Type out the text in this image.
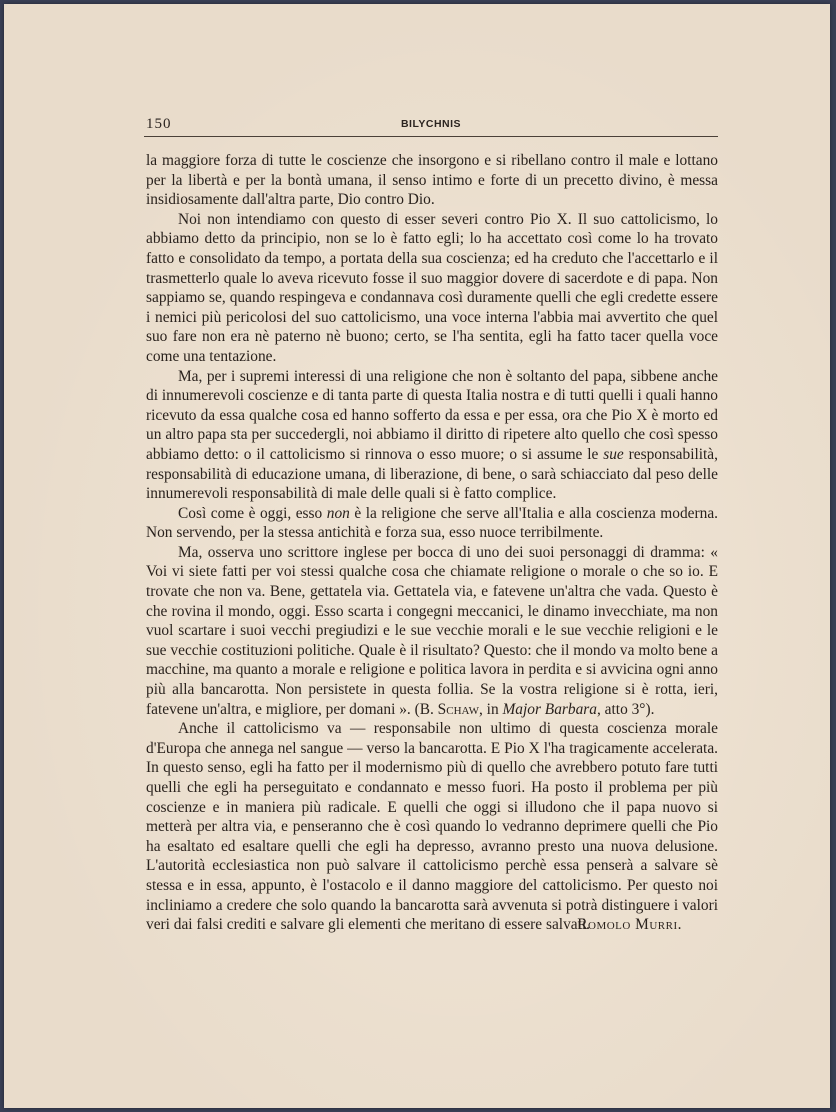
150	BILYCHNIS

la maggiore forza di tutte le coscienze che insorgono e si ribellano contro il male e lottano per la libertà e per la bontà umana, il senso intimo e forte di un precetto divino, è messa insidiosamente dall'altra parte, Dio contro Dio.

Noi non intendiamo con questo di esser severi contro Pio X. Il suo cattolicismo, lo abbiamo detto da principio, non se lo è fatto egli; lo ha accettato così come lo ha trovato fatto e consolidato da tempo, a portata della sua coscienza; ed ha creduto che l'accettarlo e il trasmetterlo quale lo aveva ricevuto fosse il suo maggior dovere di sacerdote e di papa. Non sappiamo se, quando respingeva e condannava così duramente quelli che egli credette essere i nemici più pericolosi del suo cattolicismo, una voce interna l'abbia mai avvertito che quel suo fare non era nè paterno nè buono; certo, se l'ha sentita, egli ha fatto tacer quella voce come una tentazione.

Ma, per i supremi interessi di una religione che non è soltanto del papa, sibbene anche di innumerevoli coscienze e di tanta parte di questa Italia nostra e di tutti quelli i quali hanno ricevuto da essa qualche cosa ed hanno sofferto da essa e per essa, ora che Pio X è morto ed un altro papa sta per succedergli, noi abbiamo il diritto di ripetere alto quello che così spesso abbiamo detto: o il cattolicismo si rinnova o esso muore; o si assume le sue responsabilità, responsabilità di educazione umana, di liberazione, di bene, o sarà schiacciato dal peso delle innumerevoli responsabilità di male delle quali si è fatto complice.

Così come è oggi, esso non è la religione che serve all'Italia e alla coscienza moderna. Non servendo, per la stessa antichità e forza sua, esso nuoce terribilmente.

Ma, osserva uno scrittore inglese per bocca di uno dei suoi personaggi di dramma: « Voi vi siete fatti per voi stessi qualche cosa che chiamate religione o morale o che so io. E trovate che non va. Bene, gettatela via. Gettatela via, e fatevene un'altra che vada. Questo è che rovina il mondo, oggi. Esso scarta i congegni meccanici, le dinamo invecchiate, ma non vuol scartare i suoi vecchi pregiudizi e le sue vecchie morali e le sue vecchie religioni e le sue vecchie costituzioni politiche. Quale è il risultato? Questo: che il mondo va molto bene a macchine, ma quanto a morale e religione e politica lavora in perdita e si avvicina ogni anno più alla bancarotta. Non persistete in questa follia. Se la vostra religione si è rotta, ieri, fatevene un'altra, e migliore, per domani ». (B. Schaw, in Major Barbara, atto 3°).

Anche il cattolicismo va — responsabile non ultimo di questa coscienza morale d'Europa che annega nel sangue — verso la bancarotta. E Pio X l'ha tragicamente accelerata. In questo senso, egli ha fatto per il modernismo più di quello che avrebbero potuto fare tutti quelli che egli ha perseguitato e condannato e messo fuori. Ha posto il problema per più coscienze e in maniera più radicale. E quelli che oggi si illudono che il papa nuovo si metterà per altra via, e penseranno che è così quando lo vedranno deprimere quelli che Pio ha esaltato ed esaltare quelli che egli ha depresso, avranno presto una nuova delusione. L'autorità ecclesiastica non può salvare il cattolicismo perchè essa penserà a salvare sè stessa e in essa, appunto, è l'ostacolo e il danno maggiore del cattolicismo. Per questo noi incliniamo a credere che solo quando la bancarotta sarà avvenuta si potrà distinguere i valori veri dai falsi crediti e salvare gli elementi che meritano di essere salvati.
Romolo Murri.
